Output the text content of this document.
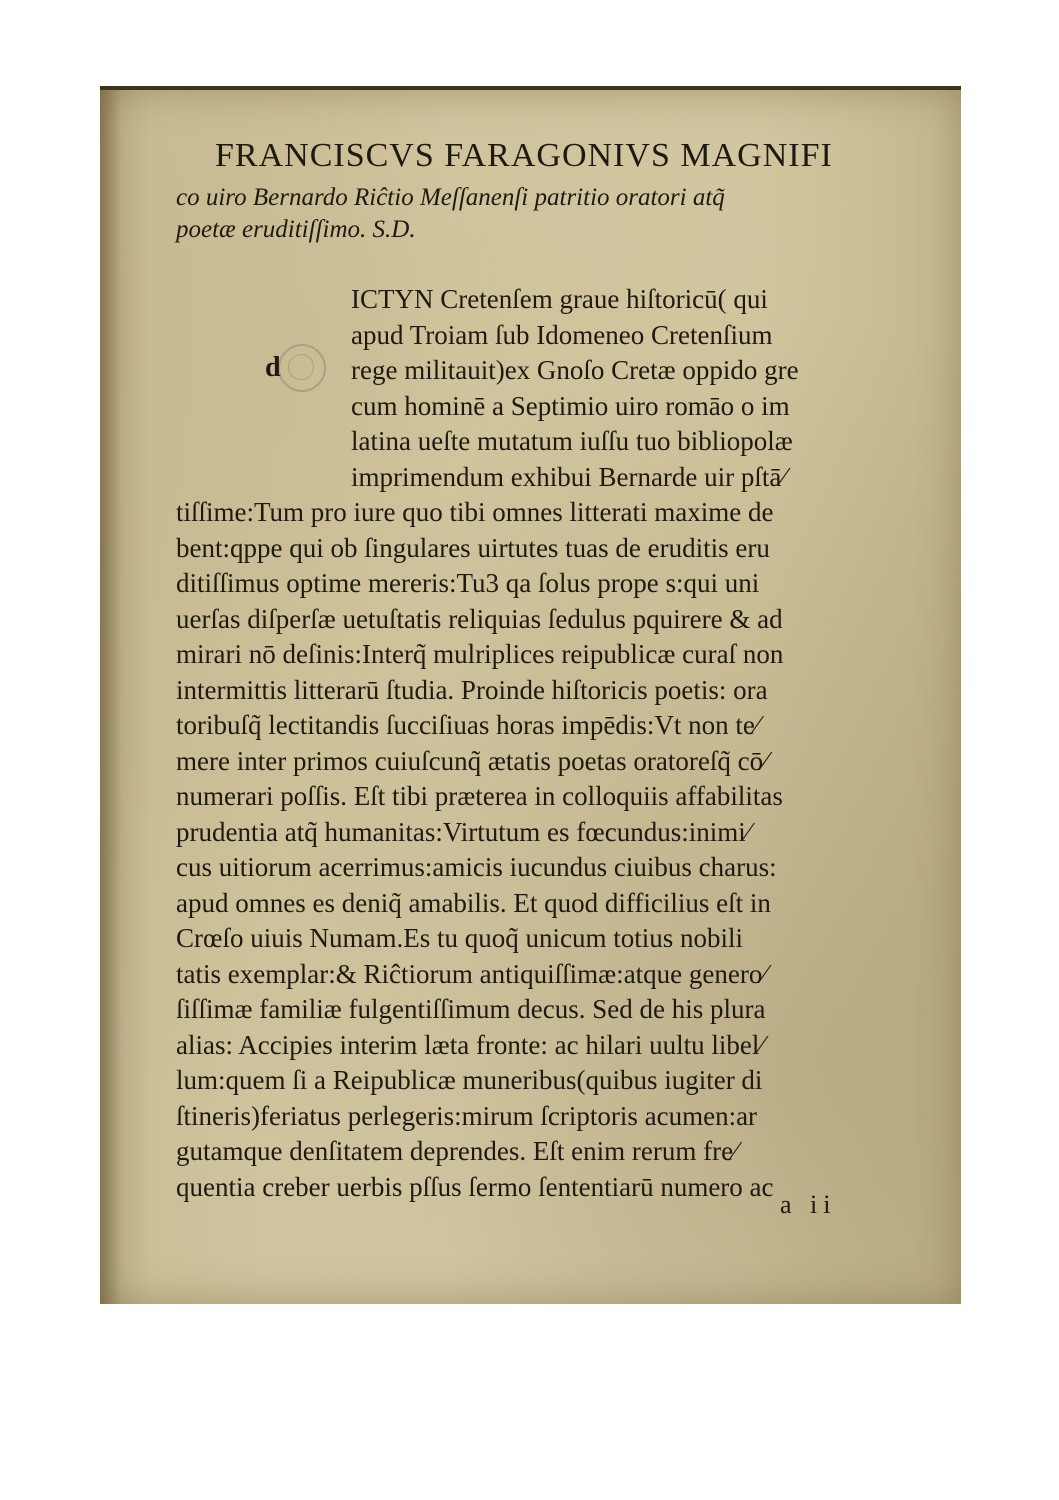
FRANCISCVS FARAGONIVS MAGNIFI
co uiro Bernardo Riĉtio Meſſanenſi patritio oratori atq̃
poetæ eruditiſſimo. S.D.
d
ICTYN Cretenſem graue hiſtoricū( qui
apud Troiam ſub Idomeneo Cretenſium
rege militauit)ex Gnoſo Cretæ oppido gre
cum hominē a Septimio uiro romāo o im
latina ueſte mutatum iuſſu tuo bibliopolæ
imprimendum exhibui Bernarde uir pſtā⁄
tiſſime:Tum pro iure quo tibi omnes litterati maxime de
bent:qppe qui ob ſingulares uirtutes tuas de eruditis eru
ditiſſimus optime mereris:Tu3 qa ſolus prope s:qui uni
uerſas diſperſæ uetuſtatis reliquias ſedulus pquirere & ad
mirari nō deſinis:Interq̃ mulriplices reipublicæ curaſ non
intermittis litterarū ſtudia. Proinde hiſtoricis poetis: ora
toribuſq̃ lectitandis ſucciſiuas horas impēdis:Vt non te⁄
mere inter primos cuiuſcunq̃ ætatis poetas oratoreſq̃ cō⁄
numerari poſſis. Eſt tibi præterea in colloquiis affabilitas
prudentia atq̃ humanitas:Virtutum es fœcundus:inimi⁄
cus uitiorum acerrimus:amicis iucundus ciuibus charus:
apud omnes es deniq̃ amabilis. Et quod difficilius eſt in
Crœſo uiuis Numam.Es tu quoq̃ unicum totius nobili
tatis exemplar:& Riĉtiorum antiquiſſimæ:atque genero⁄
ſiſſimæ familiæ fulgentiſſimum decus. Sed de his plura
alias: Accipies interim læta fronte: ac hilari uultu libel⁄
lum:quem ſi a Reipublicæ muneribus(quibus iugiter di
ſtineris)feriatus perlegeris:mirum ſcriptoris acumen:ar
gutamque denſitatem deprendes. Eſt enim rerum fre⁄
quentia creber uerbis pſſus ſermo ſententiarū numero ac
a ii
